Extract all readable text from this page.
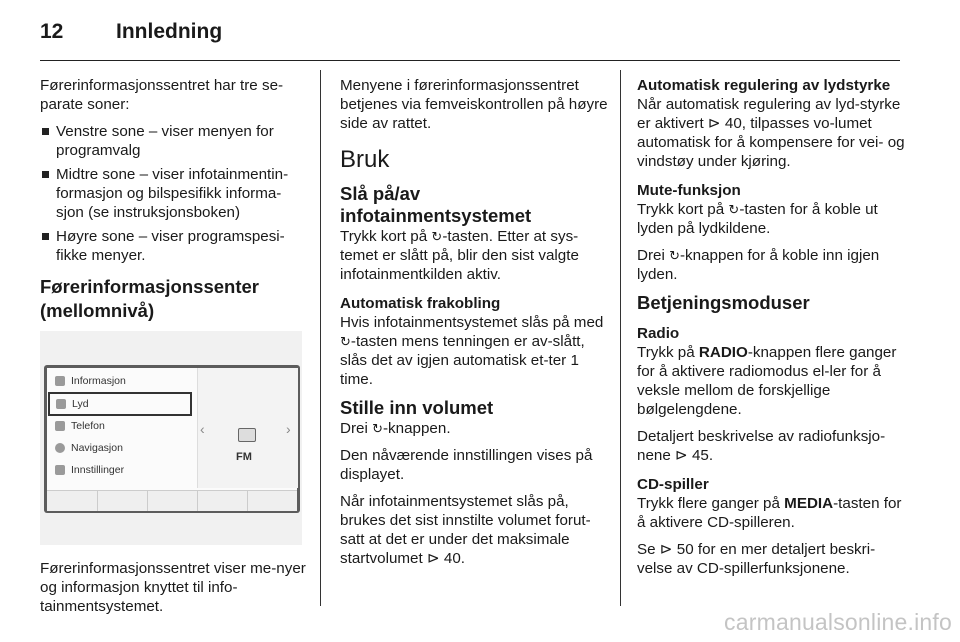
12	Innledning

Førerinformasjonssentret har tre se-parate soner:

Venstre sone – viser menyen for programvalg
Midtre sone – viser infotainmentin-formasjon og bilspesifikk informa-sjon (se instruksjonsboken)
Høyre sone – viser programspesi-fikke menyer.
Førerinformasjonssenter (mellomnivå)
Informasjon
Lyd
Telefon
Navigasjon
Innstillinger
‹	›
FM

Førerinformasjonssentret viser me-nyer og informasjon knyttet til info-tainmentsystemet.

Menyene i førerinformasjonssentret betjenes via femveiskontrollen på høyre side av rattet.

Bruk
Slå på/av infotainmentsystemet

Trykk kort på ↻-tasten. Etter at sys-temet er slått på, blir den sist valgte infotainmentkilden aktiv.

Automatisk frakobling

Hvis infotainmentsystemet slås på med ↻-tasten mens tenningen er av-slått, slås det av igjen automatisk et-ter 1 time.

Stille inn volumet

Drei ↻-knappen.

Den nåværende innstillingen vises på displayet.

Når infotainmentsystemet slås på, brukes det sist innstilte volumet forut-satt at det er under det maksimale startvolumet ⊳ 40.

Automatisk regulering av lydstyrke

Når automatisk regulering av lyd-styrke er aktivert ⊳ 40, tilpasses vo-lumet automatisk for å kompensere for vei- og vindstøy under kjøring.

Mute-funksjon

Trykk kort på ↻-tasten for å koble ut lyden på lydkildene.

Drei ↻-knappen for å koble inn igjen lyden.

Betjeningsmoduser
Radio

Trykk på RADIO-knappen flere ganger for å aktivere radiomodus el-ler for å veksle mellom de forskjellige bølgelengdene.

Detaljert beskrivelse av radiofunksjo-nene ⊳ 45.

CD-spiller

Trykk flere ganger på MEDIA-tasten for å aktivere CD-spilleren.

Se ⊳ 50 for en mer detaljert beskri-velse av CD-spillerfunksjonene.

carmanualsonline.info
